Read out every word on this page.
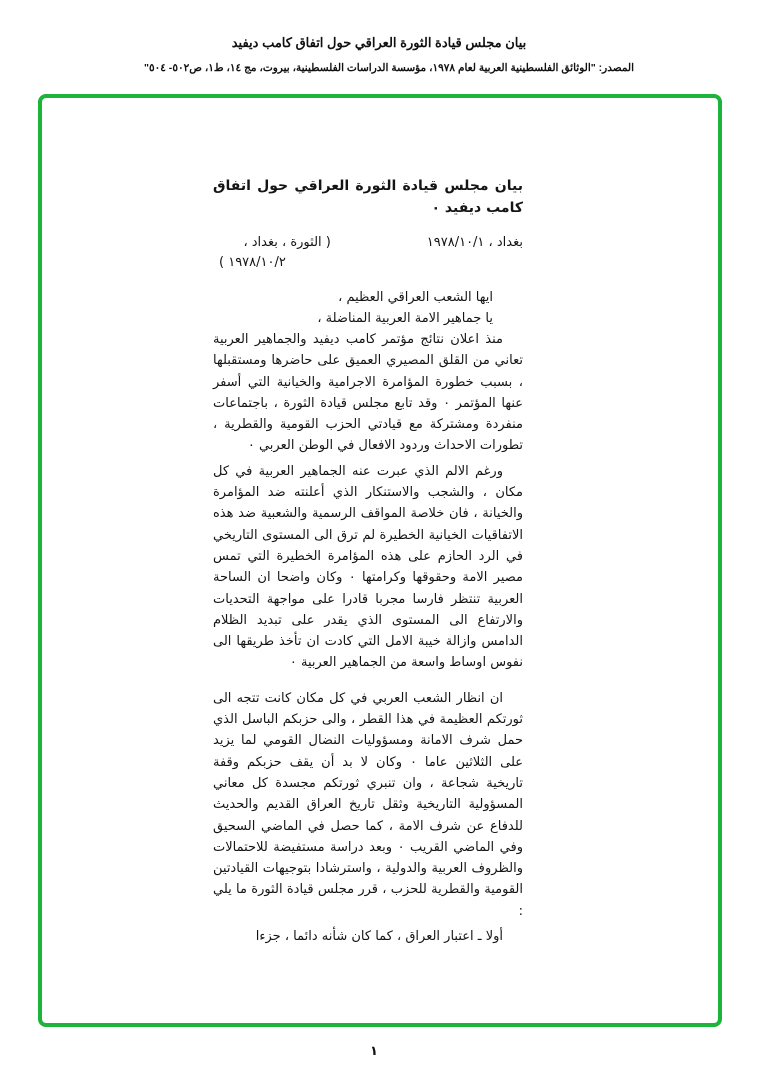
بيان مجلس قيادة الثورة العراقي حول اتفاق كامب ديفيد
المصدر: "الوثائق الفلسطينية العربية لعام ١٩٧٨، مؤسسة الدراسات الفلسطينية، بيروت، مج ١٤، ط١، ص٥٠٢- ٥٠٤"

بيان مجلس قيادة الثورة العراقي حول اتفاق كامب ديفيد ٠

بغداد ، ١٩٧٨/١٠/١
( الثورة ، بغداد ،
١٩٧٨/١٠/٢ )
ايها الشعب العراقي العظيم ،
يا جماهير الامة العربية المناضلة ،
منذ اعلان نتائج مؤتمر كامب ديفيد والجماهير العربية تعاني من القلق المصيري العميق على حاضرها ومستقبلها ، بسبب خطورة المؤامرة الاجرامية والخيانية التي أسفر عنها المؤتمر ٠ وقد تابع مجلس قيادة الثورة ، باجتماعات منفردة ومشتركة مع قيادتي الحزب القومية والقطرية ، تطورات الاحداث وردود الافعال في الوطن العربي ٠
ورغم الالم الذي عبرت عنه الجماهير العربية في كل مكان ، والشجب والاستنكار الذي أعلنته ضد المؤامرة والخيانة ، فان خلاصة المواقف الرسمية والشعبية ضد هذه الاتفاقيات الخيانية الخطيرة لم ترق الى المستوى التاريخي في الرد الحازم على هذه المؤامرة الخطيرة التي تمس مصير الامة وحقوقها وكرامتها ٠ وكان واضحا ان الساحة العربية تنتظر فارسا مجربا قادرا على مواجهة التحديات والارتفاع الى المستوى الذي يقدر على تبديد الظلام الدامس وازالة خيبة الامل التي كادت ان تأخذ طريقها الى نفوس اوساط واسعة من الجماهير العربية ٠
ان انظار الشعب العربي في كل مكان كانت تتجه الى ثورتكم العظيمة في هذا القطر ، والى حزبكم الباسل الذي حمل شرف الامانة ومسؤوليات النضال القومي لما يزيد على الثلاثين عاما ٠ وكان لا بد أن يقف حزبكم وقفة تاريخية شجاعة ، وان تنبري ثورتكم مجسدة كل معاني المسؤولية التاريخية وثقل تاريخ العراق القديم والحديث للدفاع عن شرف الامة ، كما حصل في الماضي السحيق وفي الماضي القريب ٠ وبعد دراسة مستفيضة للاحتمالات والظروف العربية والدولية ، واسترشادا بتوجيهات القيادتين القومية والقطرية للحزب ، قرر مجلس قيادة الثورة ما يلي :
أولا ـ اعتبار العراق ، كما كان شأنه دائما ، جزءا
١
